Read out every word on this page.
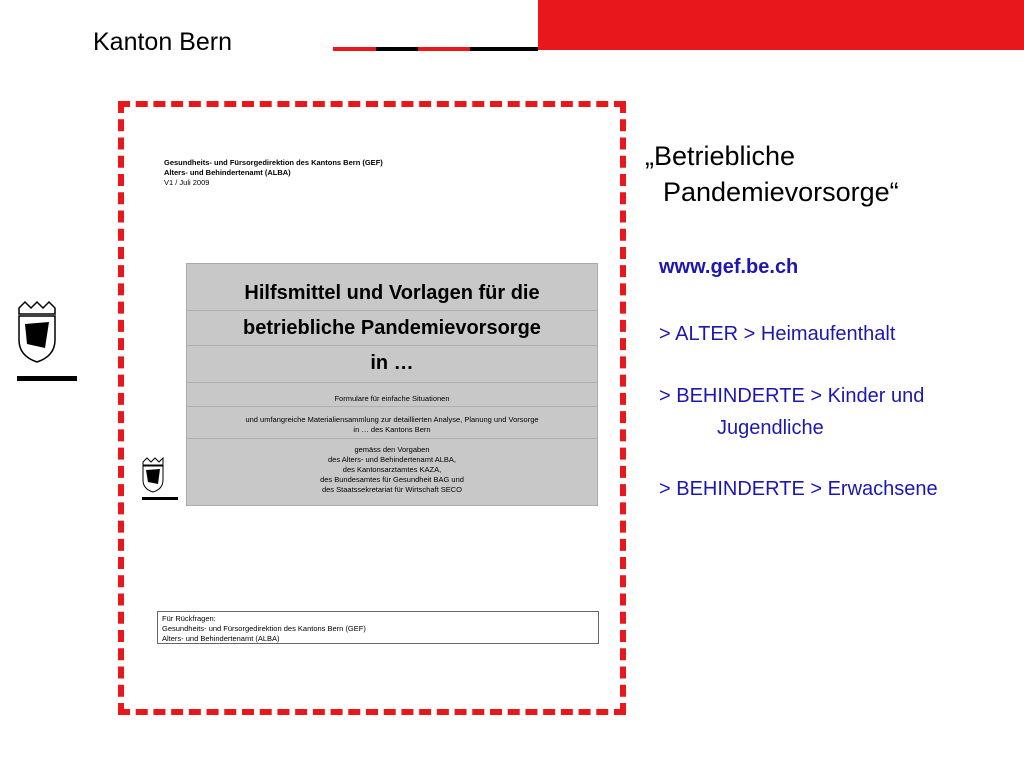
Kanton Bern
Gesundheits- und Fürsorgedirektion des Kantons Bern (GEF)
Alters- und Behindertenamt (ALBA)
V1 / Juli 2009
Hilfsmittel und Vorlagen für die
betriebliche Pandemievorsorge
in …
Formulare für einfache Situationen
und umfangreiche Materialiensammlung zur detaillierten Analyse, Planung und Vorsorge
in … des Kantons Bern
gemäss den Vorgaben
des Alters- und Behindertenamt ALBA,
des Kantonsarztamtes KAZA,
des Bundesamtes für Gesundheit BAG und
des Staatssekretariat für Wirtschaft SECO
Für Rückfragen:
Gesundheits- und Fürsorgedirektion des Kantons Bern (GEF)
Alters- und Behindertenamt (ALBA)
„Betriebliche
Pandemievorsorge“
www.gef.be.ch
> ALTER > Heimaufenthalt
> BEHINDERTE > Kinder und
Jugendliche
> BEHINDERTE > Erwachsene
